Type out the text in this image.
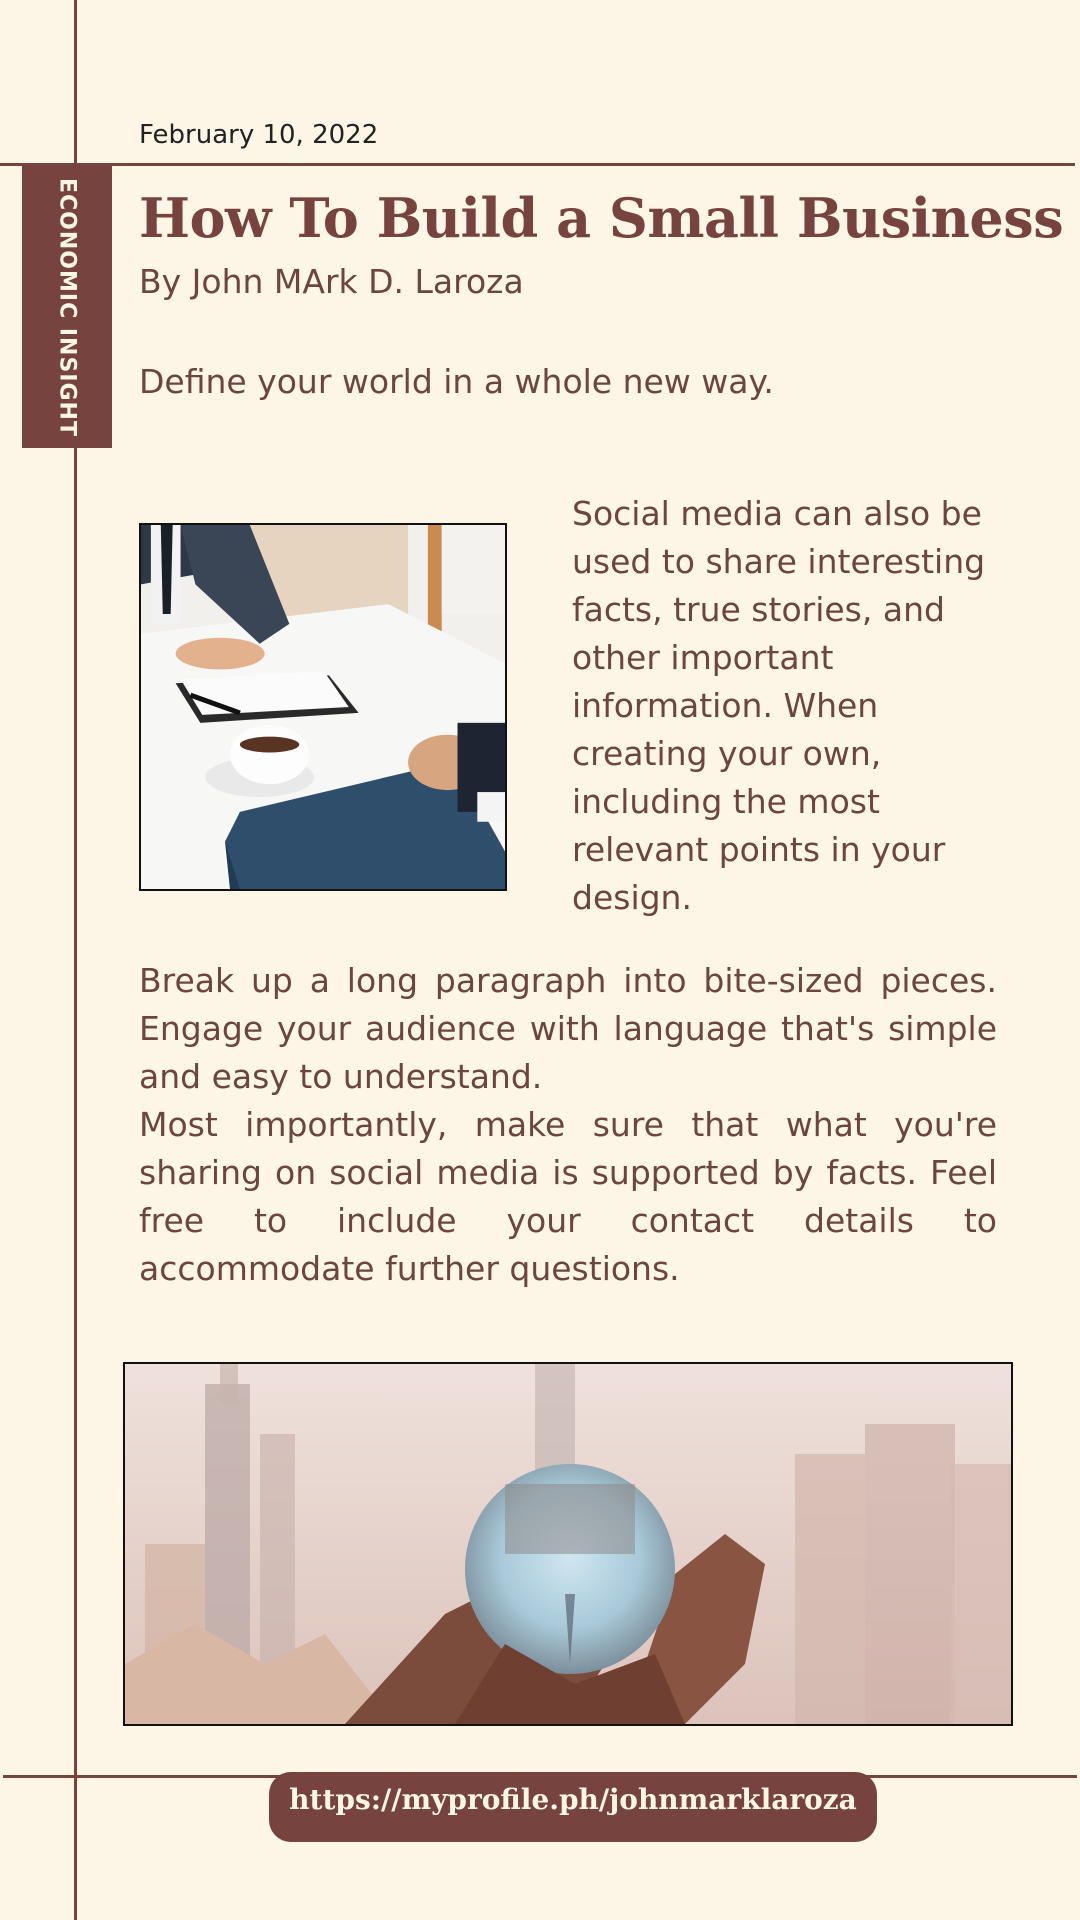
ECONOMIC INSIGHT
February 10, 2022
How To Build a Small Business
By John MArk D. Laroza
Define your world in a whole new way.
Social media can also be used to share interesting facts, true stories, and other important information. When creating your own, including the most relevant points in your design.

Break up a long paragraph into bite-sized pieces. Engage your audience with language that's simple and easy to understand.

Most importantly, make sure that what you're sharing on social media is supported by facts. Feel free to include your contact details to accommodate further questions.

https://myprofile.ph/johnmarklaroza
